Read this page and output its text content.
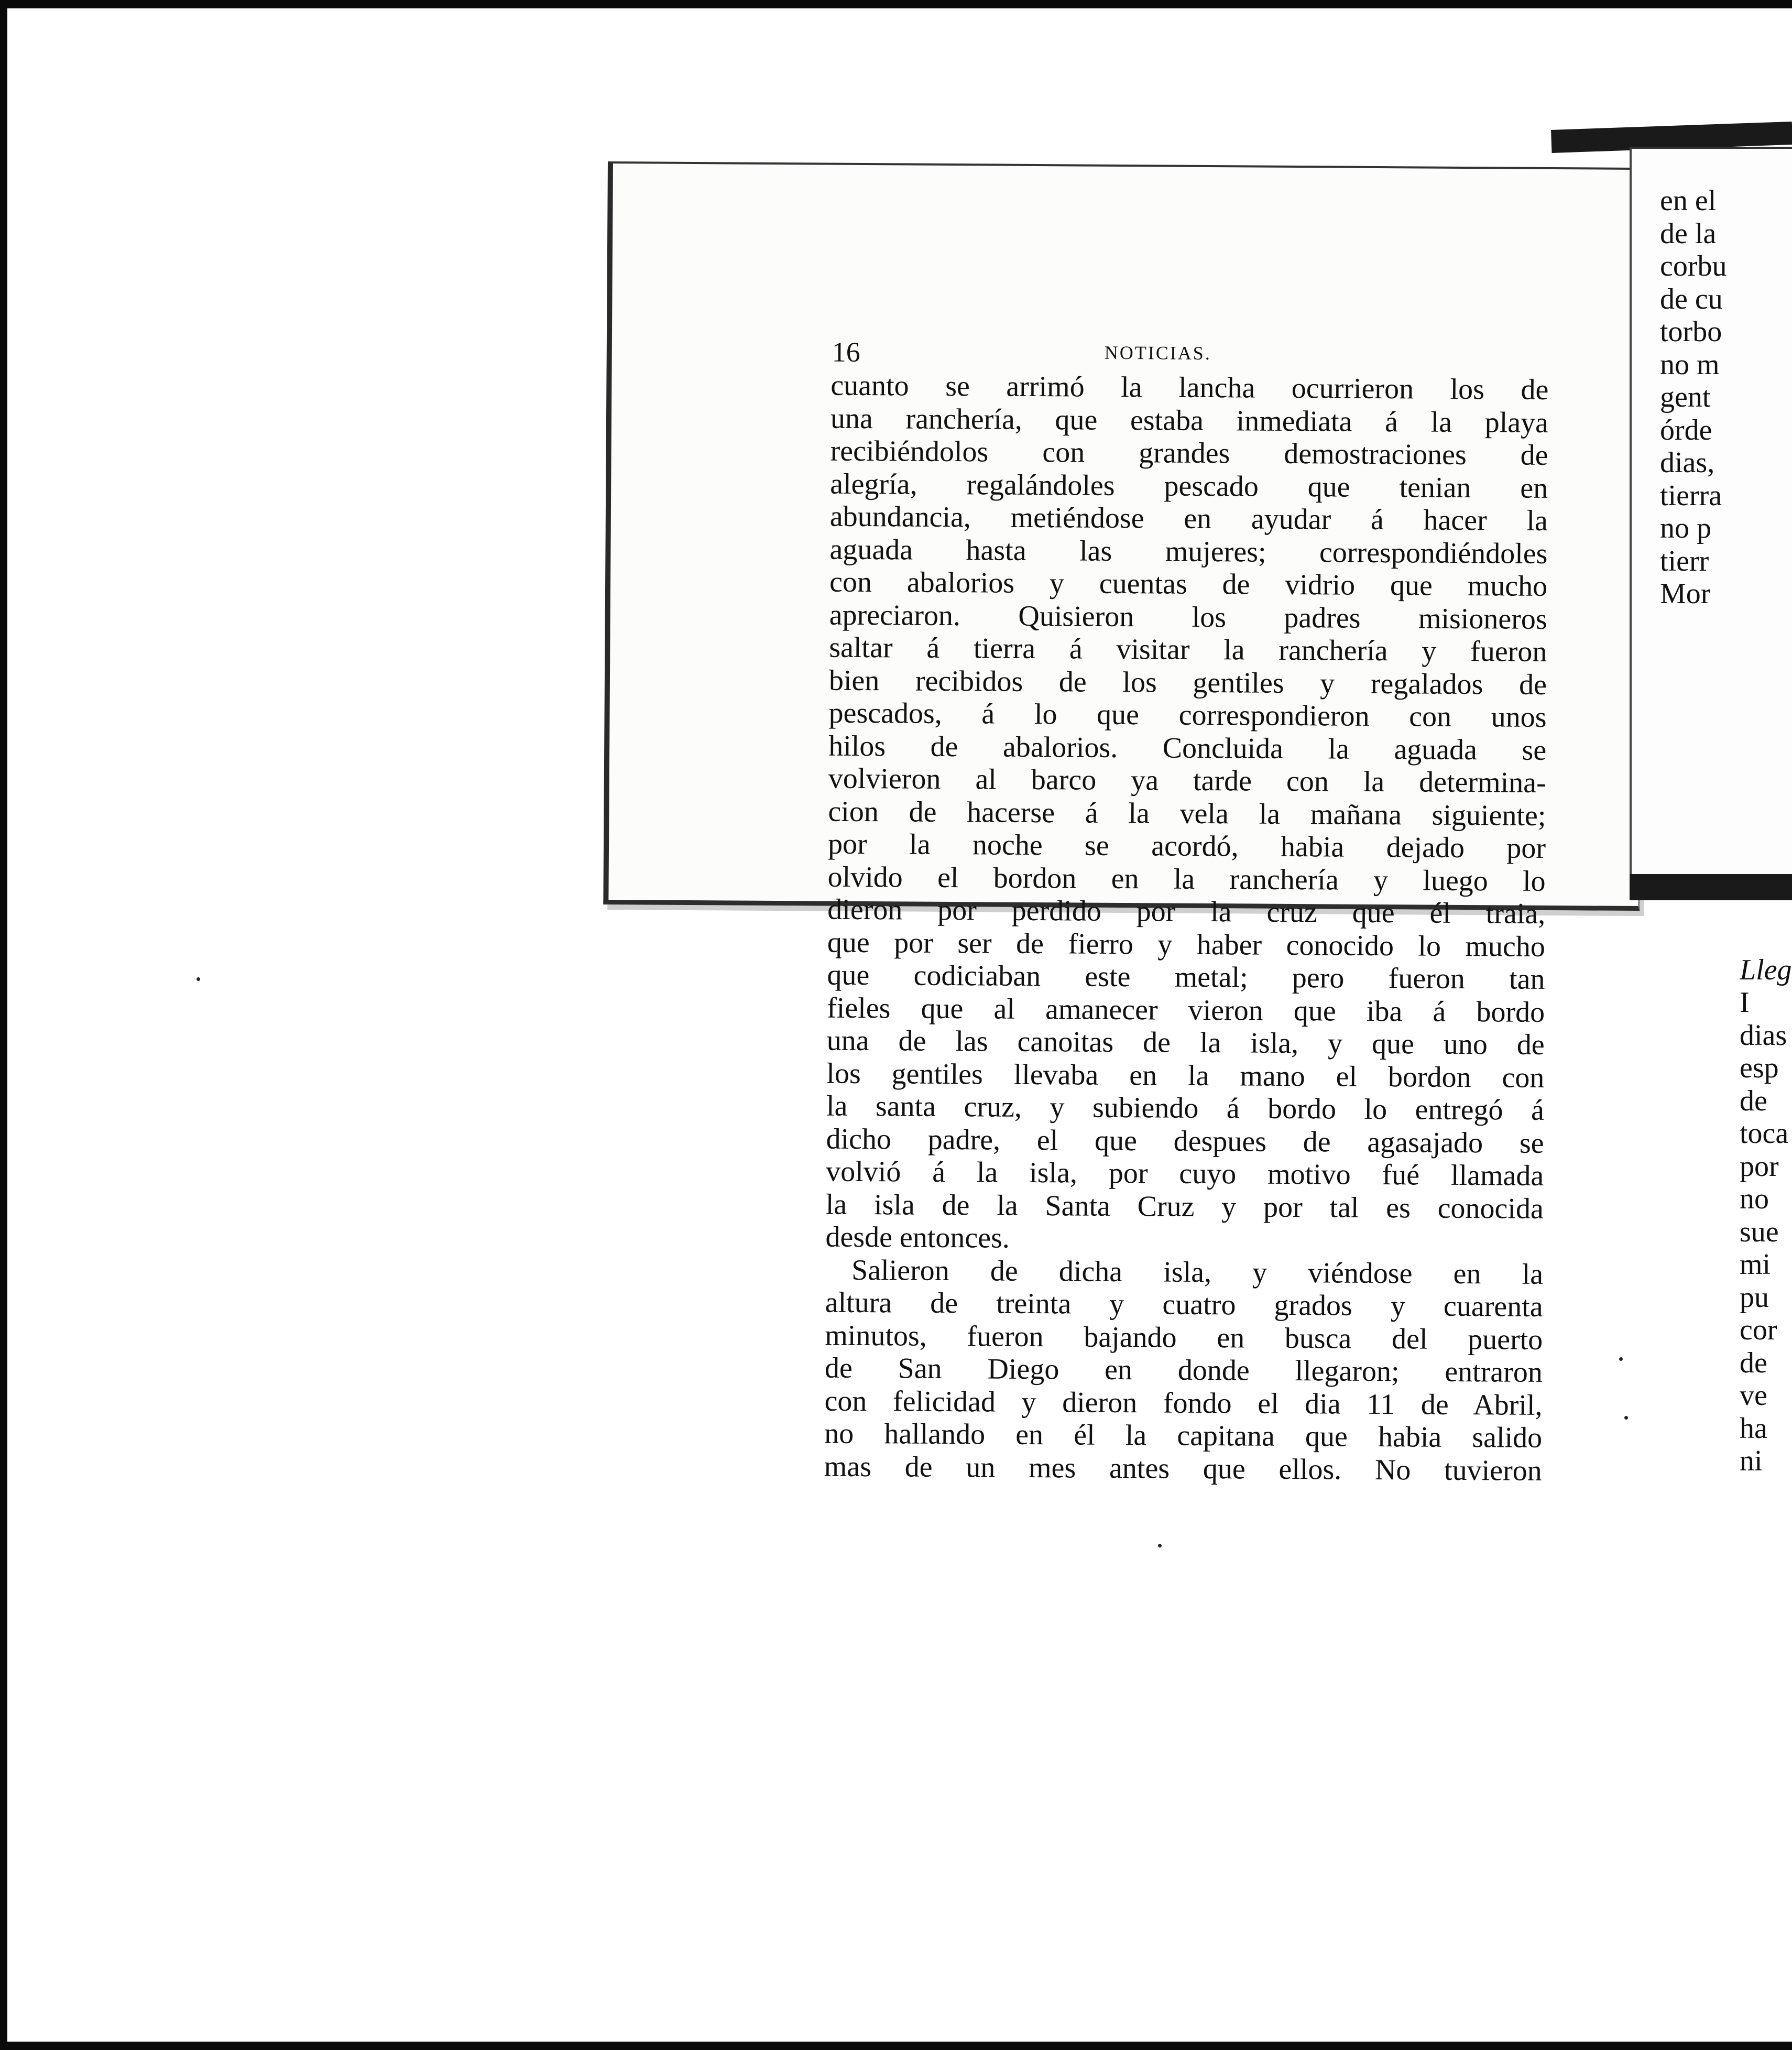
16	NOTICIAS.
cuanto se arrimó la lancha ocurrieron los de
una ranchería, que estaba inmediata á la playa
recibiéndolos con grandes demostraciones de
alegría, regalándoles pescado que tenian en
abundancia, metiéndose en ayudar á hacer la
aguada hasta las mujeres; correspondiéndoles
con abalorios y cuentas de vidrio que mucho
apreciaron. Quisieron los padres misioneros
saltar á tierra á visitar la ranchería y fueron
bien recibidos de los gentiles y regalados de
pescados, á lo que correspondieron con unos
hilos de abalorios. Concluida la aguada se
volvieron al barco ya tarde con la determina-
cion de hacerse á la vela la mañana siguiente;
por la noche se acordó, habia dejado por
olvido el bordon en la ranchería y luego lo
dieron por perdido por la cruz que él traia,
que por ser de fierro y haber conocido lo mucho
que codiciaban este metal; pero fueron tan
fieles que al amanecer vieron que iba á bordo
una de las canoitas de la isla, y que uno de
los gentiles llevaba en la mano el bordon con
la santa cruz, y subiendo á bordo lo entregó á
dicho padre, el que despues de agasajado se
volvió á la isla, por cuyo motivo fué llamada
la isla de la Santa Cruz y por tal es conocida
desde entonces.
Salieron de dicha isla, y viéndose en la
altura de treinta y cuatro grados y cuarenta
minutos, fueron bajando en busca del puerto
de San Diego en donde llegaron; entraron
con felicidad y dieron fondo el dia 11 de Abril,
no hallando en él la capitana que habia salido
mas de un mes antes que ellos. No tuvieron
en el
de la
corbu
de cu
torbo
no m
gent
órde
dias,
tierra
no p
tierr
Mor
Lleg
I
dias
esp
de
toca
por
no
sue
mi
pu
cor
de
ve
ha
ni
